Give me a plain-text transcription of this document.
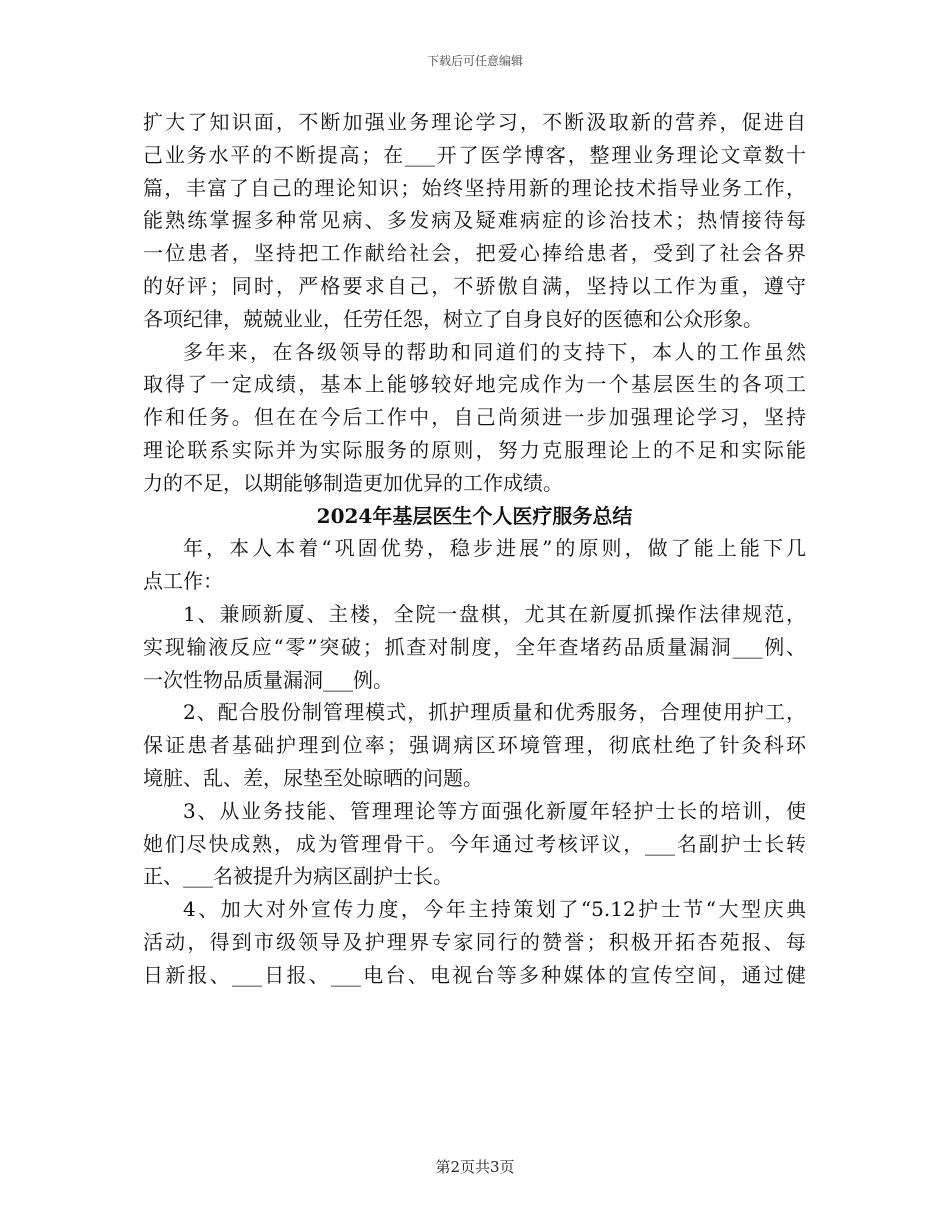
下载后可任意编辑
扩大了知识面，不断加强业务理论学习，不断汲取新的营养，促进自
己业务水平的不断提高；在___开了医学博客，整理业务理论文章数十
篇，丰富了自己的理论知识；始终坚持用新的理论技术指导业务工作，
能熟练掌握多种常见病、多发病及疑难病症的诊治技术；热情接待每
一位患者，坚持把工作献给社会，把爱心捧给患者，受到了社会各界
的好评；同时，严格要求自己，不骄傲自满，坚持以工作为重，遵守
各项纪律，兢兢业业，任劳任怨，树立了自身良好的医德和公众形象。
多年来，在各级领导的帮助和同道们的支持下，本人的工作虽然
取得了一定成绩，基本上能够较好地完成作为一个基层医生的各项工
作和任务。但在在今后工作中，自己尚须进一步加强理论学习，坚持
理论联系实际并为实际服务的原则，努力克服理论上的不足和实际能
力的不足，以期能够制造更加优异的工作成绩。
2024年基层医生个人医疗服务总结
年，本人本着“巩固优势，稳步进展”的原则，做了能上能下几
点工作：
1、兼顾新厦、主楼，全院一盘棋，尤其在新厦抓操作法律规范，
实现输液反应“零”突破；抓查对制度，全年查堵药品质量漏洞___例、
一次性物品质量漏洞___例。
2、配合股份制管理模式，抓护理质量和优秀服务，合理使用护工，
保证患者基础护理到位率；强调病区环境管理，彻底杜绝了针灸科环
境脏、乱、差，尿垫至处晾晒的问题。
3、从业务技能、管理理论等方面强化新厦年轻护士长的培训，使
她们尽快成熟，成为管理骨干。今年通过考核评议，___名副护士长转
正、___名被提升为病区副护士长。
4、加大对外宣传力度，今年主持策划了“5.12护士节“大型庆典
活动，得到市级领导及护理界专家同行的赞誉；积极开拓杏苑报、每
日新报、___日报、___电台、电视台等多种媒体的宣传空间，通过健
第2页共3页
